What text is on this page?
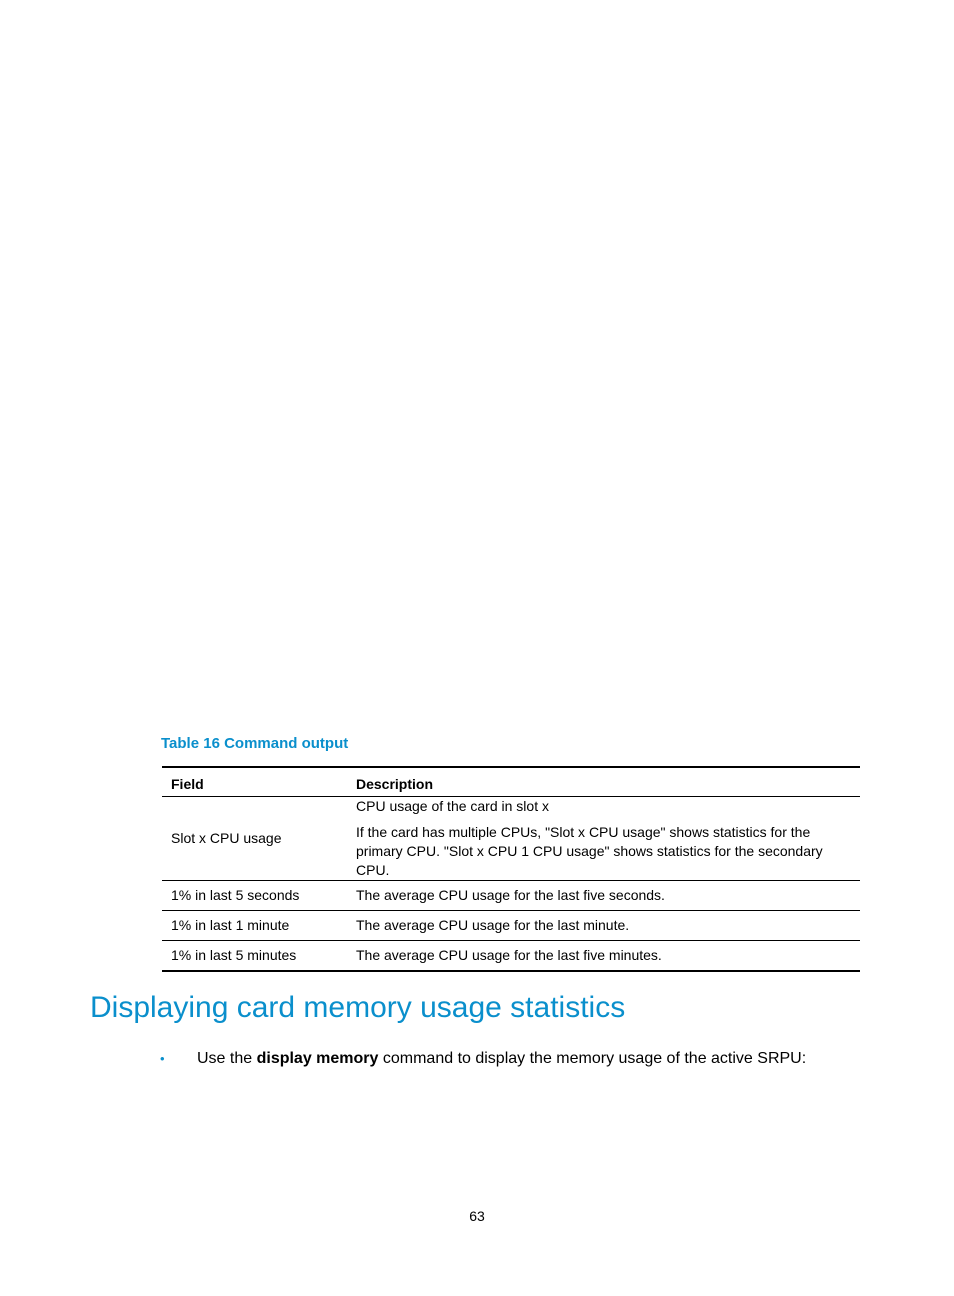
Table 16 Command output
Field	Description
Slot x CPU usage	CPU usage of the card in slot x

If the card has multiple CPUs, "Slot x CPU usage" shows statistics for the primary CPU. "Slot x CPU 1 CPU usage" shows statistics for the secondary CPU.

1% in last 5 seconds	The average CPU usage for the last five seconds.
1% in last 1 minute	The average CPU usage for the last minute.
1% in last 5 minutes	The average CPU usage for the last five minutes.
Displaying card memory usage statistics
• Use the display memory command to display the memory usage of the active SRPU:
63
